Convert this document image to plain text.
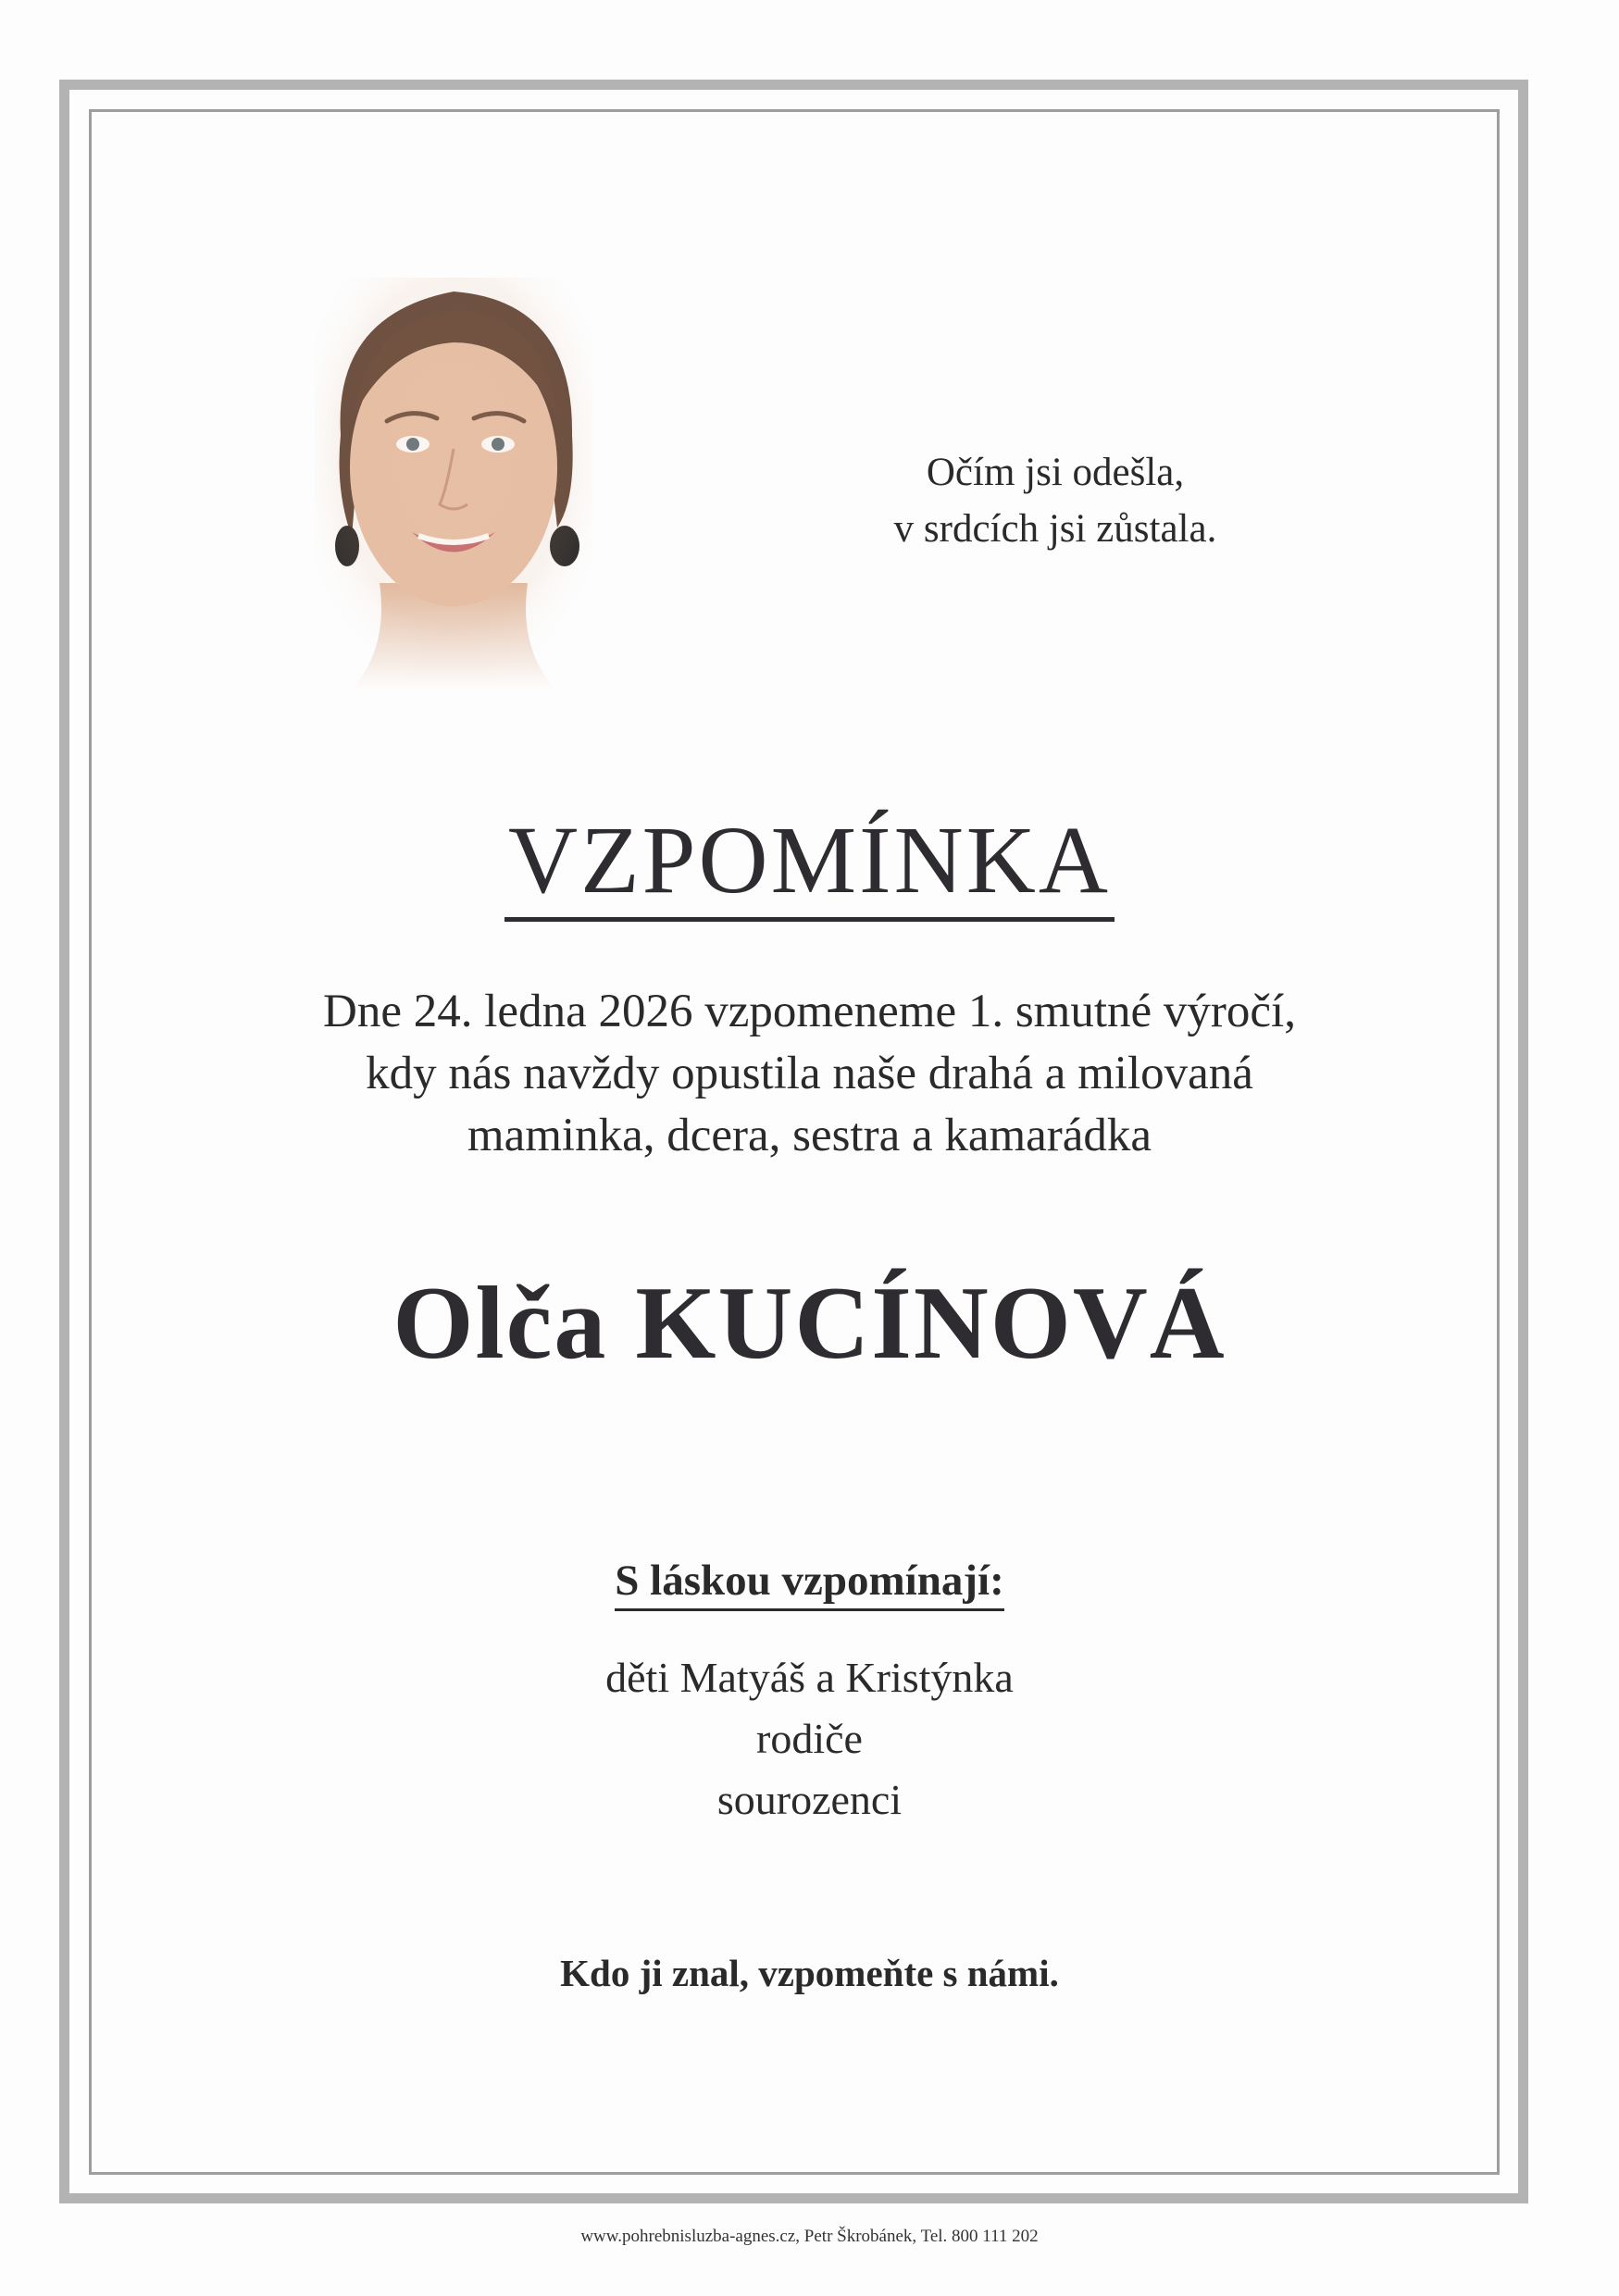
Očím jsi odešla,
v srdcích jsi zůstala.
VZPOMÍNKA
Dne 24. ledna 2026 vzpomeneme 1. smutné výročí,
kdy nás navždy opustila naše drahá a milovaná
maminka, dcera, sestra a kamarádka
Olča KUCÍNOVÁ
S láskou vzpomínají:
děti Matyáš a Kristýnka
rodiče
sourozenci
Kdo ji znal, vzpomeňte s námi.
www.pohrebnisluzba-agnes.cz, Petr Škrobánek, Tel. 800 111 202
